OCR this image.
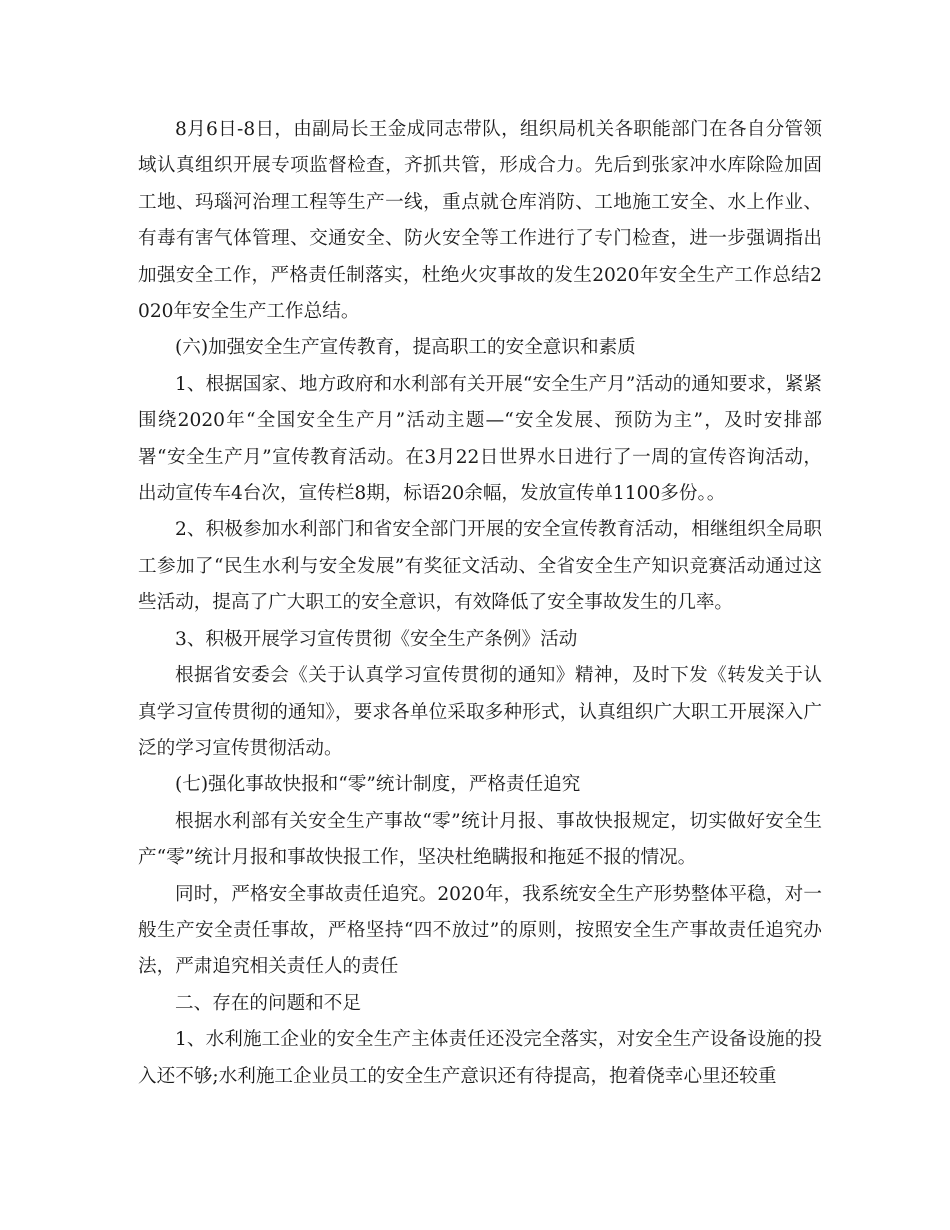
8月6日-8日，由副局长王金成同志带队，组织局机关各职能部门在各自分管领域认真组织开展专项监督检查，齐抓共管，形成合力。先后到张家冲水库除险加固工地、玛瑙河治理工程等生产一线，重点就仓库消防、工地施工安全、水上作业、有毒有害气体管理、交通安全、防火安全等工作进行了专门检查，进一步强调指出加强安全工作，严格责任制落实，杜绝火灾事故的发生2020年安全生产工作总结2020年安全生产工作总结。

(六)加强安全生产宣传教育，提高职工的安全意识和素质

1、根据国家、地方政府和水利部有关开展“安全生产月”活动的通知要求，紧紧围绕2020年“全国安全生产月”活动主题—“安全发展、预防为主”，及时安排部署“安全生产月”宣传教育活动。在3月22日世界水日进行了一周的宣传咨询活动，出动宣传车4台次，宣传栏8期，标语20余幅，发放宣传单1100多份。。

2、积极参加水利部门和省安全部门开展的安全宣传教育活动，相继组织全局职工参加了“民生水利与安全发展”有奖征文活动、全省安全生产知识竞赛活动通过这些活动，提高了广大职工的安全意识，有效降低了安全事故发生的几率。

3、积极开展学习宣传贯彻《安全生产条例》活动

根据省安委会《关于认真学习宣传贯彻的通知》精神，及时下发《转发关于认真学习宣传贯彻的通知》，要求各单位采取多种形式，认真组织广大职工开展深入广泛的学习宣传贯彻活动。

(七)强化事故快报和“零”统计制度，严格责任追究

根据水利部有关安全生产事故“零”统计月报、事故快报规定，切实做好安全生产“零”统计月报和事故快报工作，坚决杜绝瞒报和拖延不报的情况。

同时，严格安全事故责任追究。2020年，我系统安全生产形势整体平稳，对一般生产安全责任事故，严格坚持“四不放过”的原则，按照安全生产事故责任追究办法，严肃追究相关责任人的责任

二、存在的问题和不足

1、水利施工企业的安全生产主体责任还没完全落实，对安全生产设备设施的投入还不够;水利施工企业员工的安全生产意识还有待提高，抱着侥幸心里还较重
